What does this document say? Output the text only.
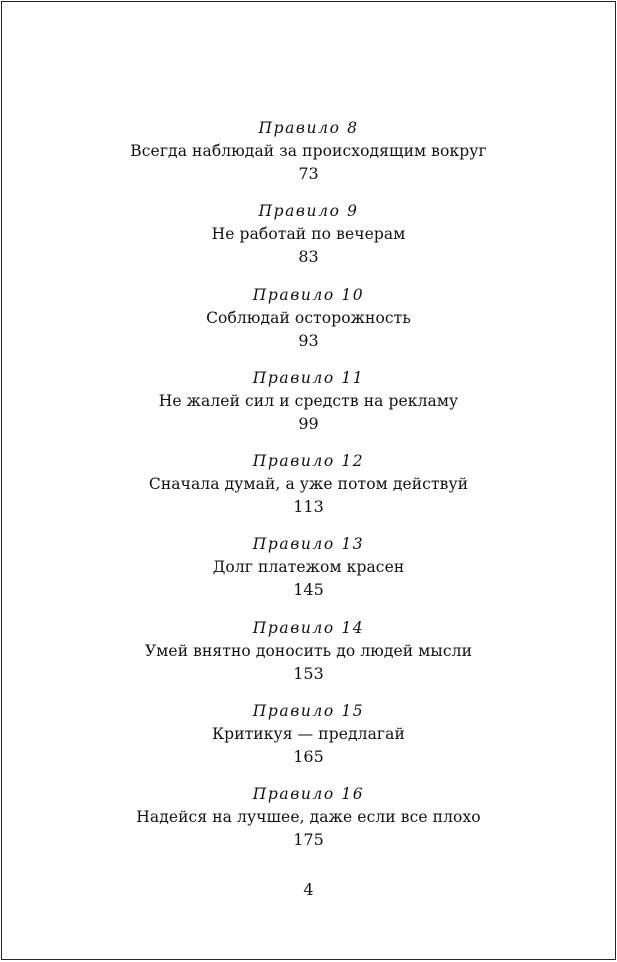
Правило 8
Всегда наблюдай за происходящим вокруг
73
Правило 9
Не работай по вечерам
83
Правило 10
Соблюдай осторожность
93
Правило 11
Не жалей сил и средств на рекламу
99
Правило 12
Сначала думай, а уже потом действуй
113
Правило 13
Долг платежом красен
145
Правило 14
Умей внятно доносить до людей мысли
153
Правило 15
Критикуя — предлагай
165
Правило 16
Надейся на лучшее, даже если все плохо
175
4
